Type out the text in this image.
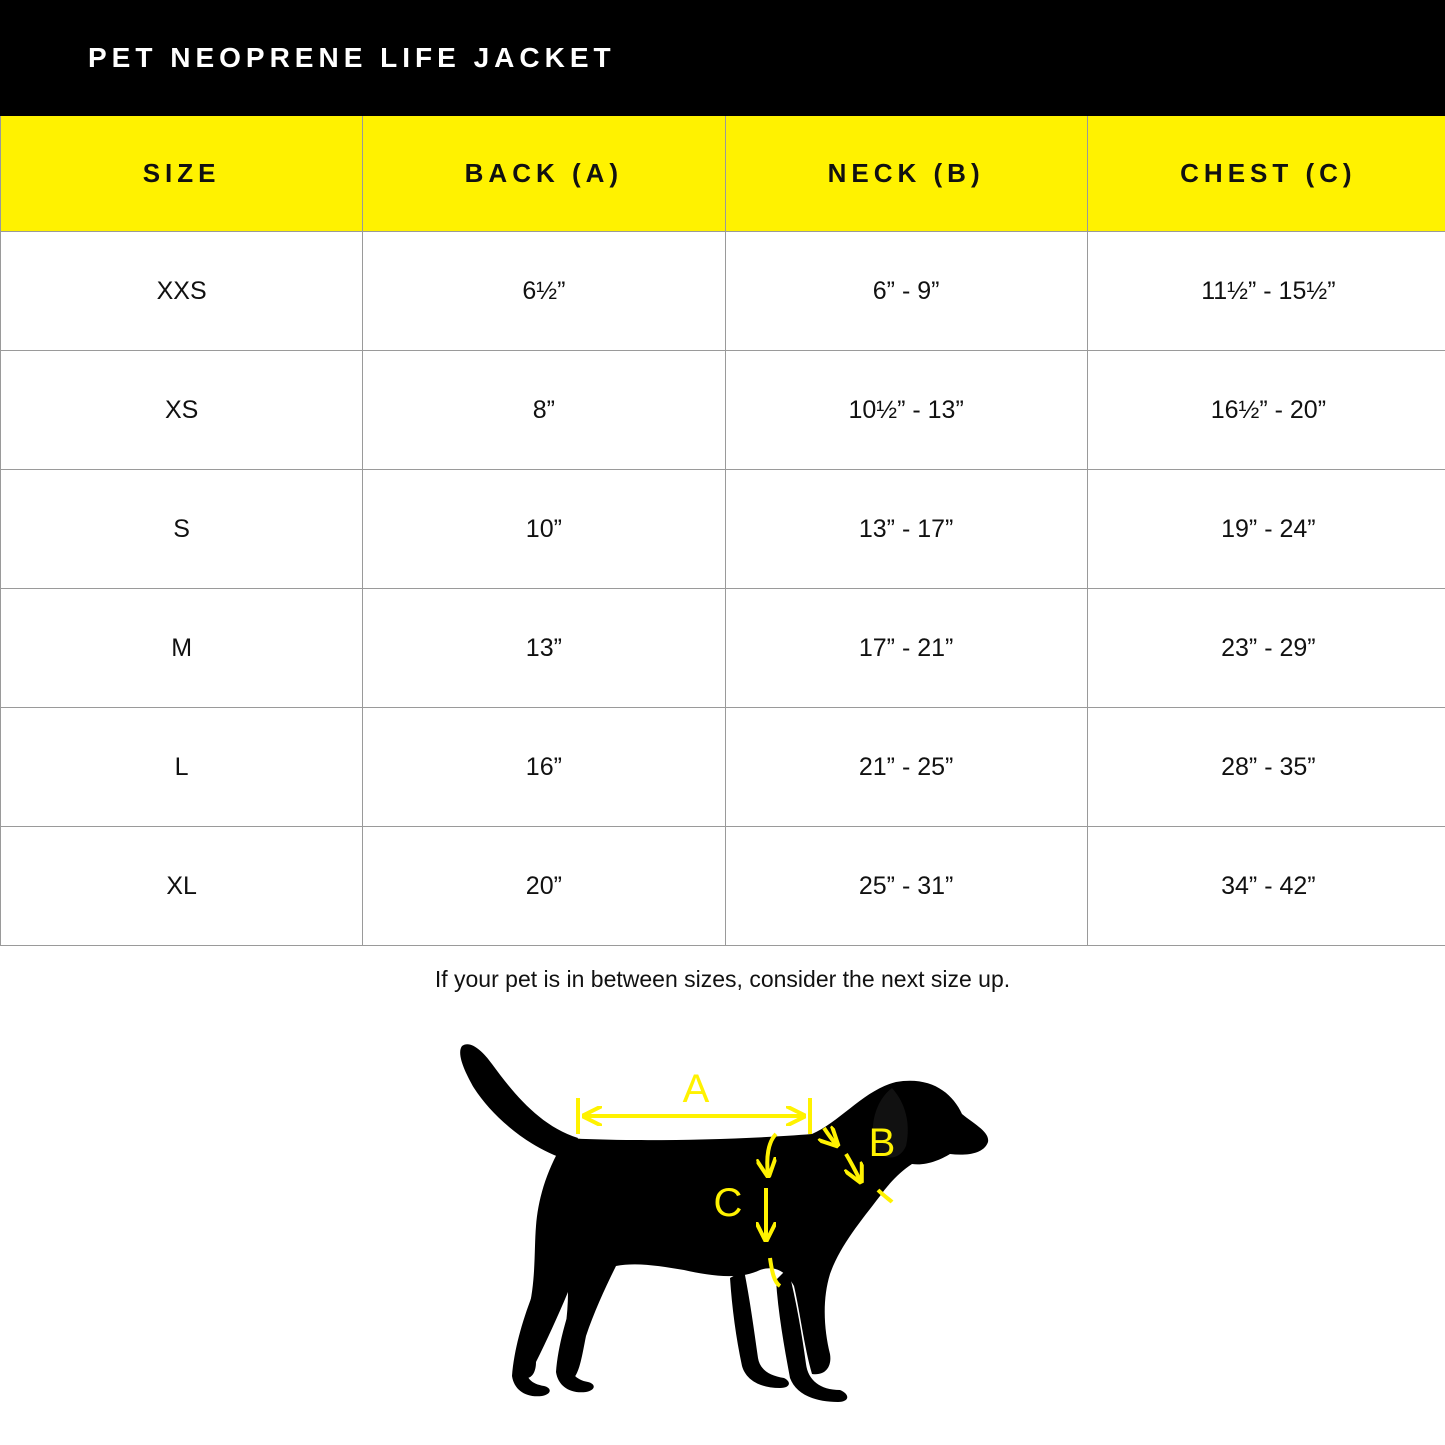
PET NEOPRENE LIFE JACKET
SIZE	BACK (A)	NECK (B)	CHEST (C)
XXS	6½”	6” - 9”	11½” - 15½”
XS	8”	10½” - 13”	16½” - 20”
S	10”	13” - 17”	19” - 24”
M	13”	17” - 21”	23” - 29”
L	16”	21” - 25”	28” - 35”
XL	20”	25” - 31”	34” - 42”
If your pet is in between sizes, consider the next size up.
A
B
C
